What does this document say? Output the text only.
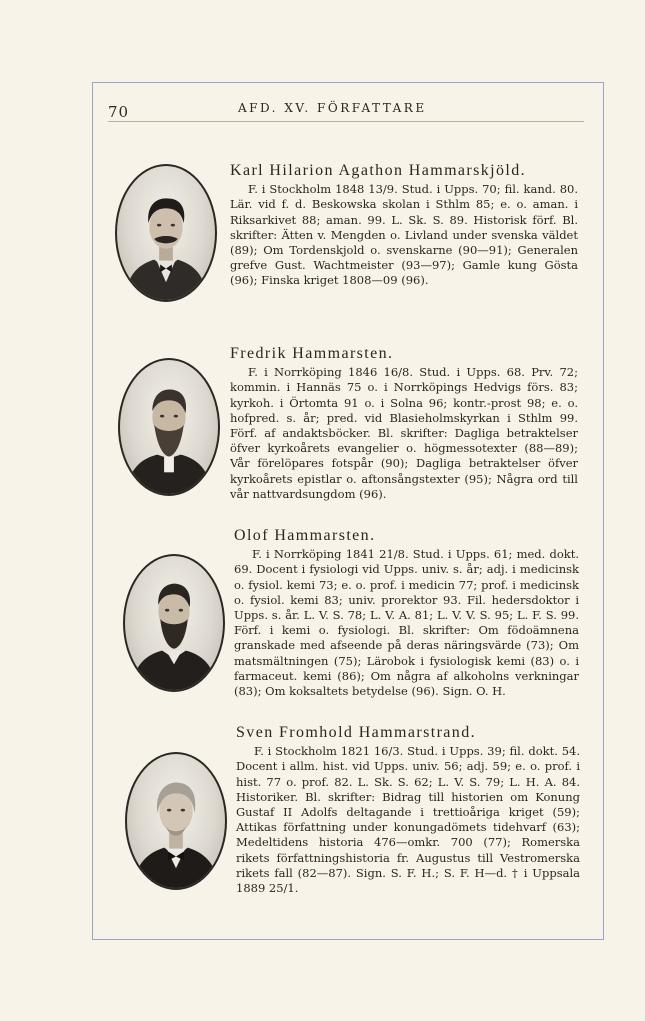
70	AFD. XV. FÖRFATTARE
Karl Hilarion Agathon Hammarskjöld.
F. i Stockholm 1848 13/9. Stud. i Upps. 70; fil. kand. 80. Lär. vid f. d. Beskowska skolan i Sthlm 85; e. o. aman. i Riksarkivet 88; aman. 99. L. Sk. S. 89. Historisk förf. Bl. skrifter: Ätten v. Mengden o. Livland under svenska väldet (89); Om Tordenskjold o. svenskarne (90—91); Generalen grefve Gust. Wachtmeister (93—97); Gamle kung Gösta (96); Finska kriget 1808—09 (96).
Fredrik Hammarsten.
F. i Norrköping 1846 16/8. Stud. i Upps. 68. Prv. 72; kommin. i Hannäs 75 o. i Norrköpings Hedvigs förs. 83; kyrkoh. i Örtomta 91 o. i Solna 96; kontr.-prost 98; e. o. hofpred. s. år; pred. vid Blasieholmskyrkan i Sthlm 99. Förf. af andaktsböcker. Bl. skrifter: Dagliga betraktelser öfver kyrkoårets evangelier o. högmessotexter (88—89); Vår förelöpares fotspår (90); Dagliga betraktelser öfver kyrkoårets epistlar o. aftonsångstexter (95); Några ord till vår nattvardsungdom (96).
Olof Hammarsten.
F. i Norrköping 1841 21/8. Stud. i Upps. 61; med. dokt. 69. Docent i fysiologi vid Upps. univ. s. år; adj. i medicinsk o. fysiol. kemi 73; e. o. prof. i medicin 77; prof. i medicinsk o. fysiol. kemi 83; univ. prorektor 93. Fil. hedersdoktor i Upps. s. år. L. V. S. 78; L. V. A. 81; L. V. V. S. 95; L. F. S. 99. Förf. i kemi o. fysiologi. Bl. skrifter: Om födoämnena granskade med afseende på deras näringsvärde (73); Om matsmältningen (75); Lärobok i fysiologisk kemi (83) o. i farmaceut. kemi (86); Om några af alkoholns verkningar (83); Om koksaltets betydelse (96). Sign. O. H.
Sven Fromhold Hammarstrand.
F. i Stockholm 1821 16/3. Stud. i Upps. 39; fil. dokt. 54. Docent i allm. hist. vid Upps. univ. 56; adj. 59; e. o. prof. i hist. 77 o. prof. 82. L. Sk. S. 62; L. V. S. 79; L. H. A. 84. Historiker. Bl. skrifter: Bidrag till historien om Konung Gustaf II Adolfs deltagande i trettioåriga kriget (59); Attikas författning under konungadömets tidehvarf (63); Medeltidens historia 476—omkr. 700 (77); Romerska rikets författningshistoria fr. Augustus till Vestromerska rikets fall (82—87). Sign. S. F. H.; S. F. H—d. † i Uppsala 1889 25/1.
